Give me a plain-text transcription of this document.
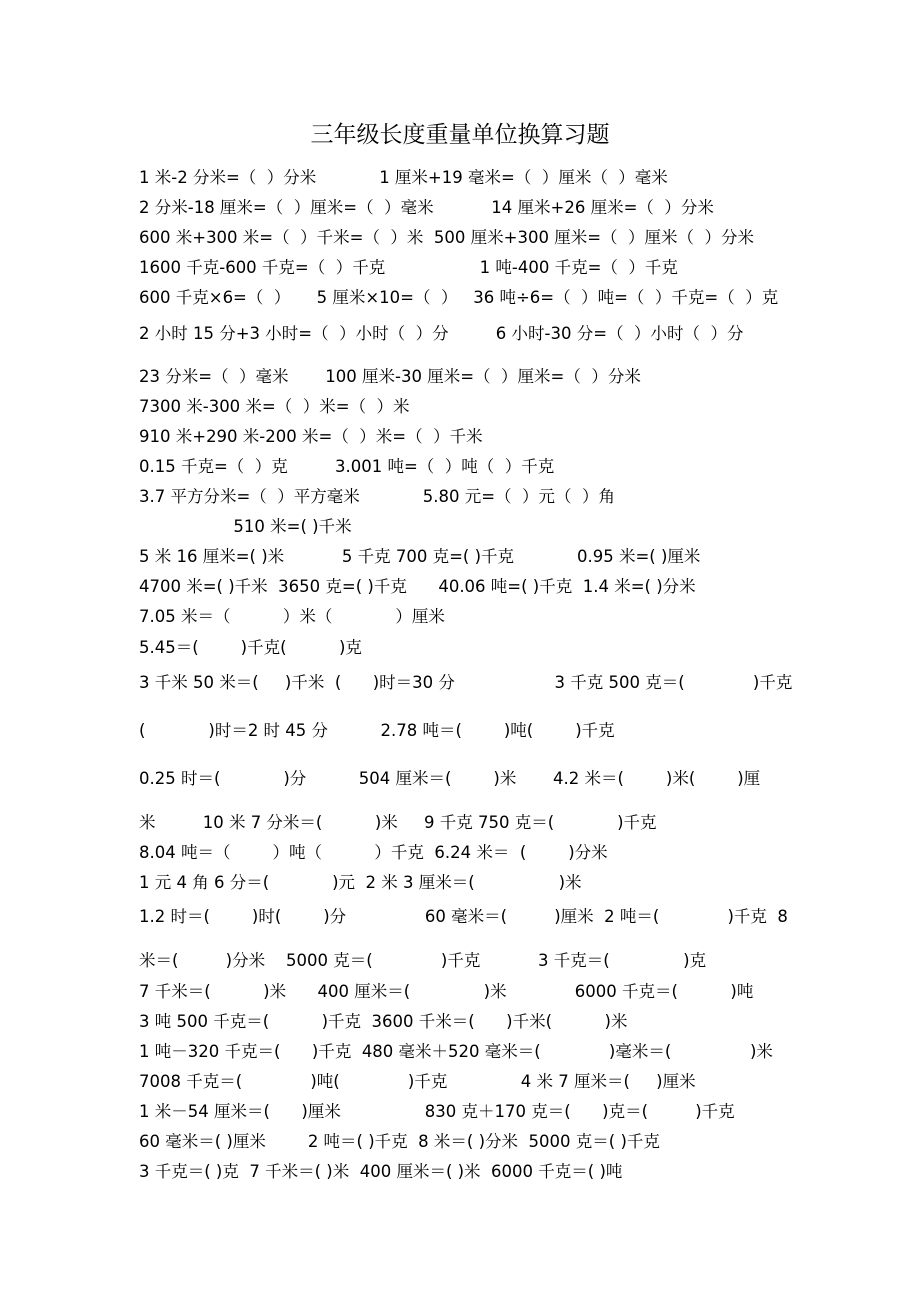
三年级长度重量单位换算习题
1 米-2 分米=（  ）分米            1 厘米+19 毫米=（  ）厘米（  ）毫米
2 分米-18 厘米=（  ）厘米=（  ）毫米           14 厘米+26 厘米=（  ）分米
600 米+300 米=（  ）千米=（  ）米  500 厘米+300 厘米=（  ）厘米（  ）分米
1600 千克-600 千克=（  ）千克                  1 吨-400 千克=（  ）千克
600 千克×6=（  ）     5 厘米×10=（  ）   36 吨÷6=（  ）吨=（  ）千克=（  ）克
2 小时 15 分+3 小时=（  ）小时（  ）分         6 小时-30 分=（  ）小时（  ）分
23 分米=（  ）毫米       100 厘米-30 厘米=（  ）厘米=（  ）分米
7300 米-300 米=（  ）米=（  ）米
910 米+290 米-200 米=（  ）米=（  ）千米
0.15 千克=（  ）克         3.001 吨=（  ）吨（  ）千克
3.7 平方分米=（  ）平方毫米            5.80 元=（  ）元（  ）角
510 米=( )千米
5 米 16 厘米=( )米           5 千克 700 克=( )千克            0.95 米=( )厘米
4700 米=( )千米  3650 克=( )千克      40.06 吨=( )千克  1.4 米=( )分米
7.05 米＝（          ）米（            ）厘米
5.45＝(        )千克(          )克
3 千米 50 米＝(     )千米  (      )时＝30 分                   3 千克 500 克＝(             )千克
(            )时＝2 时 45 分          2.78 吨＝(        )吨(        )千克
0.25 时＝(            )分          504 厘米＝(        )米       4.2 米＝(        )米(        )厘
米         10 米 7 分米＝(          )米     9 千克 750 克＝(            )千克
8.04 吨＝（        ）吨（          ）千克  6.24 米＝  (        )分米
1 元 4 角 6 分＝(            )元  2 米 3 厘米＝(                )米
1.2 时＝(        )时(        )分               60 毫米＝(         )厘米  2 吨＝(             )千克  8
米＝(         )分米    5000 克＝(             )千克           3 千克＝(              )克
7 千米＝(          )米      400 厘米＝(              )米             6000 千克＝(          )吨
3 吨 500 千克＝(          )千克  3600 千米＝(      )千米(          )米
1 吨－320 千克＝(      )千克  480 毫米＋520 毫米＝(             )毫米＝(               )米
7008 千克＝(             )吨(             )千克              4 米 7 厘米＝(     )厘米
1 米－54 厘米＝(      )厘米                830 克＋170 克＝(      )克＝(         )千克
60 毫米＝( )厘米        2 吨＝( )千克  8 米＝( )分米  5000 克＝( )千克
3 千克＝( )克  7 千米＝( )米  400 厘米＝( )米  6000 千克＝( )吨
